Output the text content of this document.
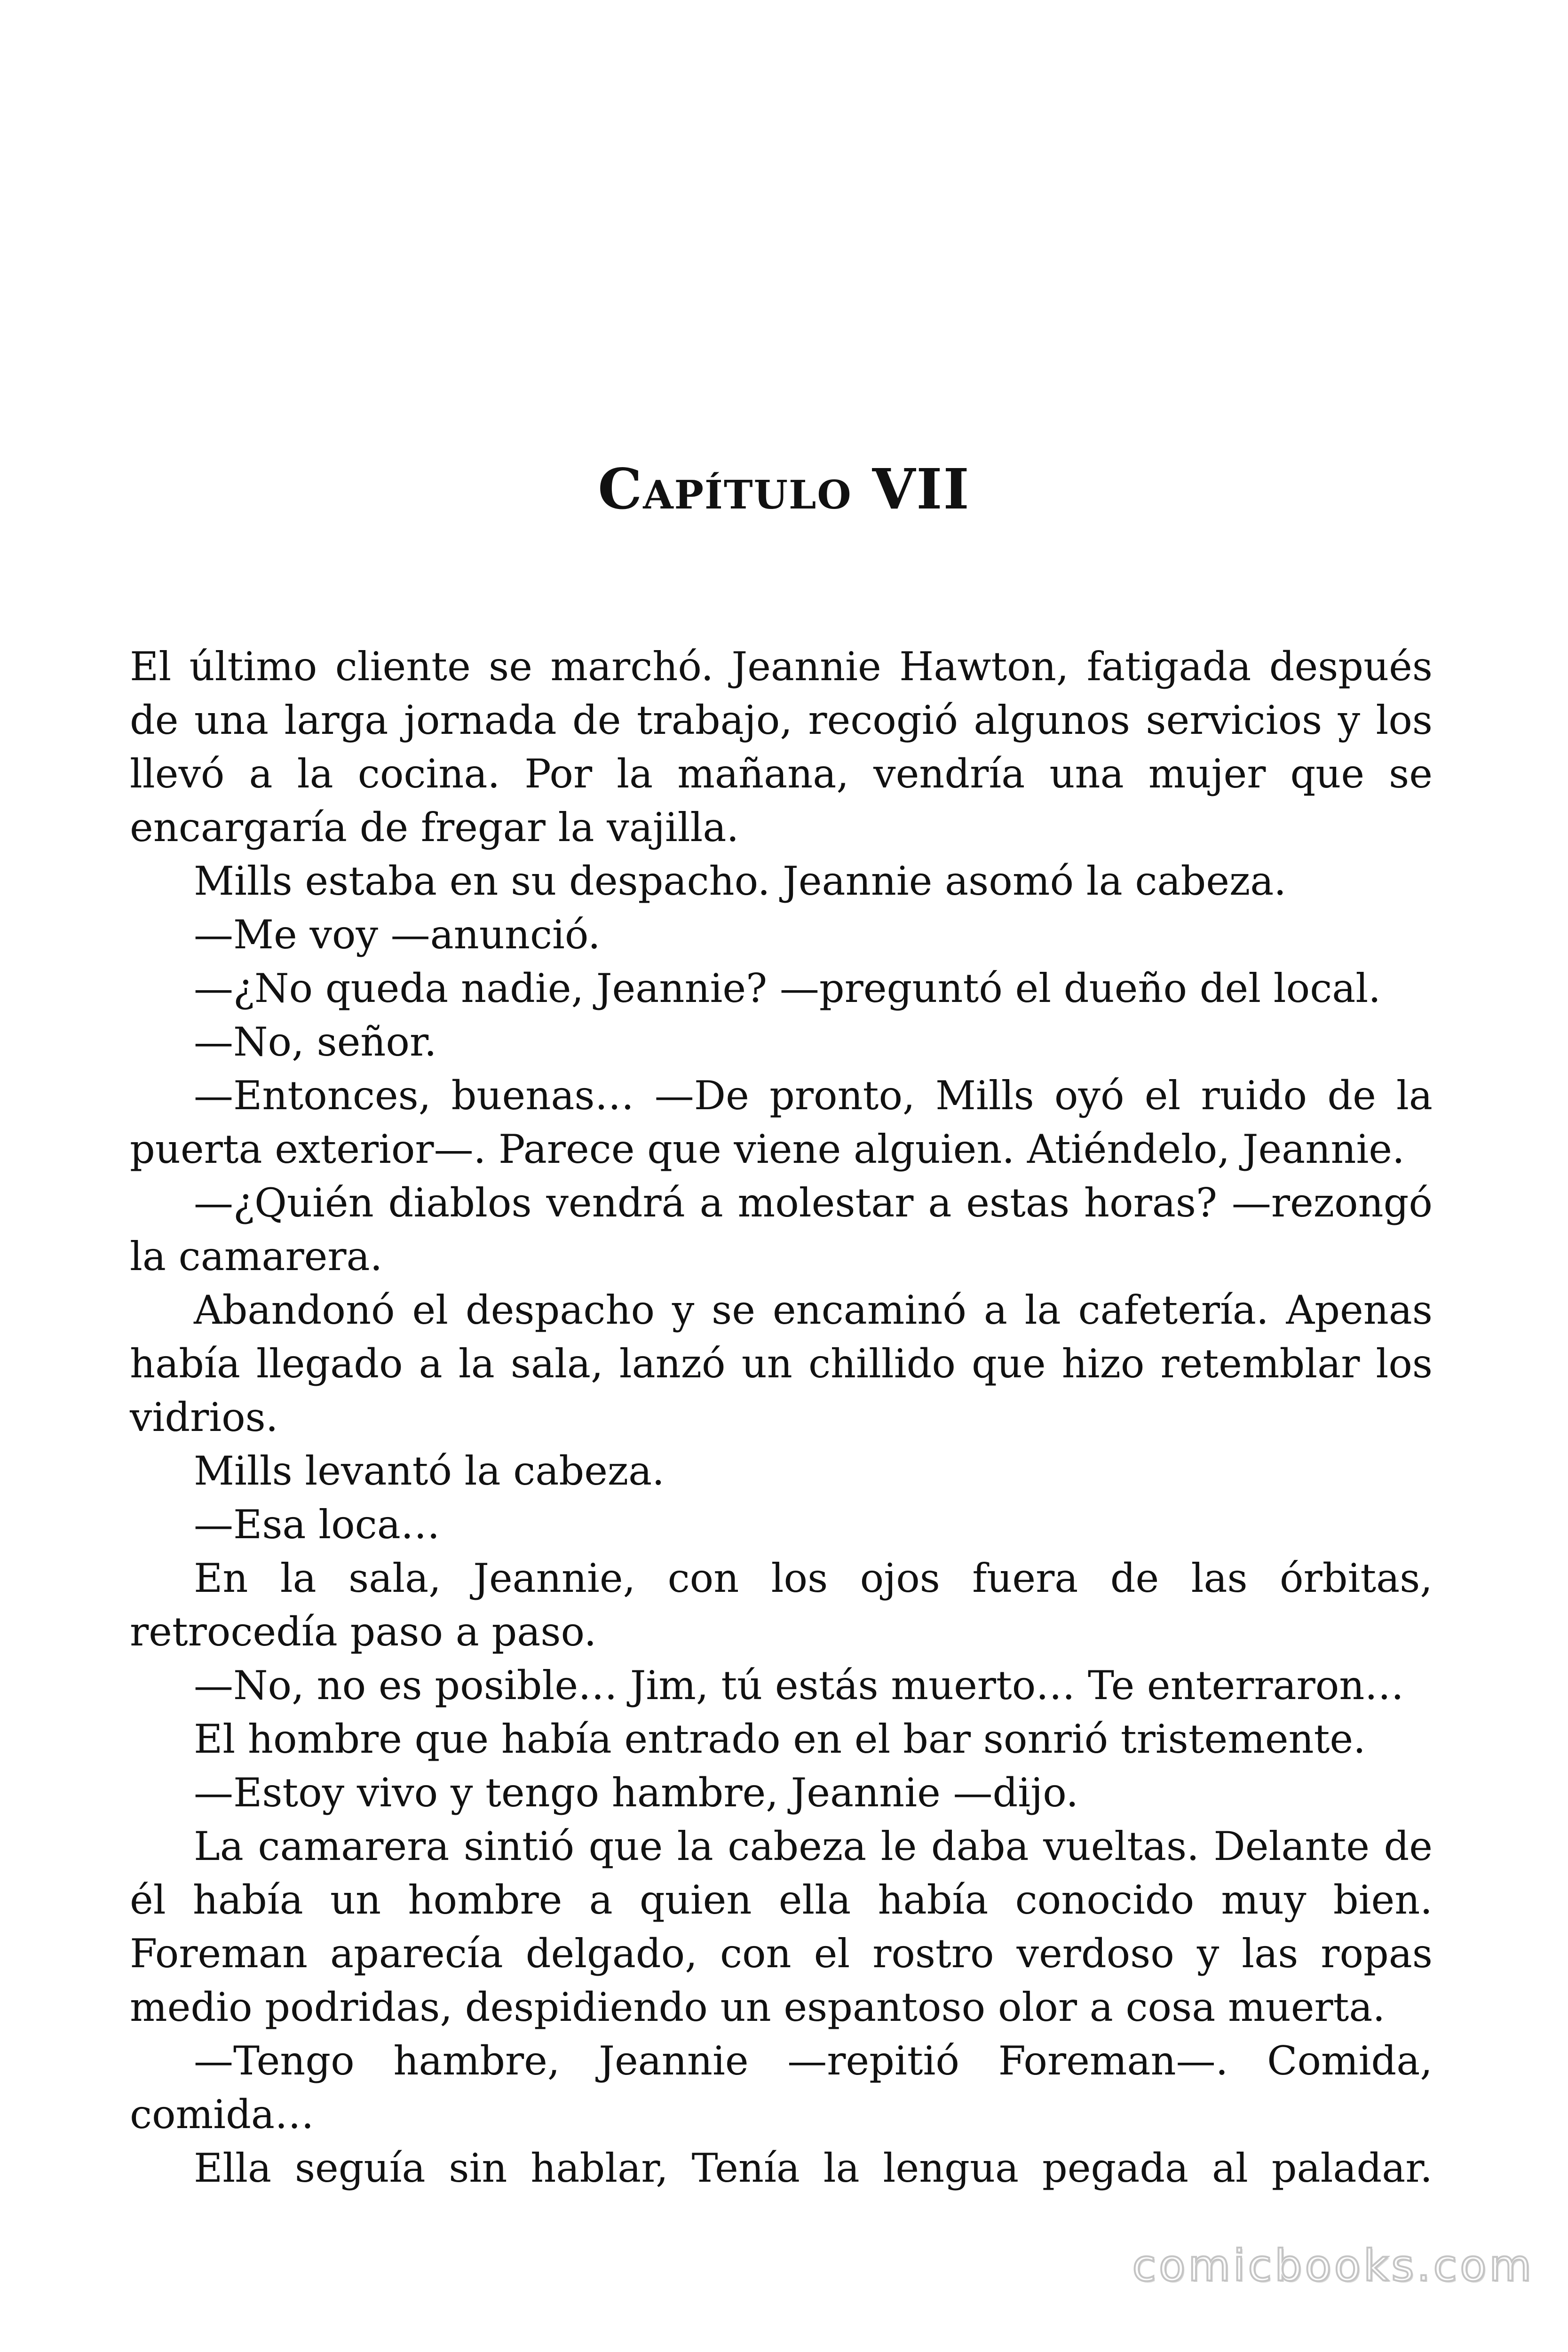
Capítulo VII

El último cliente se marchó. Jeannie Hawton, fatigada después de una larga jornada de trabajo, recogió algunos servicios y los llevó a la cocina. Por la mañana, vendría una mujer que se encargaría de fregar la vajilla.

Mills estaba en su despacho. Jeannie asomó la cabeza.

—Me voy —anunció.

—¿No queda nadie, Jeannie? —preguntó el dueño del local.

—No, señor.

—Entonces, buenas… —De pronto, Mills oyó el ruido de la puerta exterior—. Parece que viene alguien. Atiéndelo, Jeannie.

—¿Quién diablos vendrá a molestar a estas horas? —rezongó la camarera.

Abandonó el despacho y se encaminó a la cafetería. Apenas había llegado a la sala, lanzó un chillido que hizo retemblar los vidrios.

Mills levantó la cabeza.

—Esa loca…

En la sala, Jeannie, con los ojos fuera de las órbitas, retrocedía paso a paso.

—No, no es posible… Jim, tú estás muerto… Te enterraron…

El hombre que había entrado en el bar sonrió tristemente.

—Estoy vivo y tengo hambre, Jeannie —dijo.

La camarera sintió que la cabeza le daba vueltas. Delante de él había un hombre a quien ella había conocido muy bien. Foreman aparecía delgado, con el rostro verdoso y las ropas medio podridas, despidiendo un espantoso olor a cosa muerta.

—Tengo hambre, Jeannie —repitió Foreman—. Comida, comida…

Ella seguía sin hablar, Tenía la lengua pegada al paladar.

comicbooks.com
